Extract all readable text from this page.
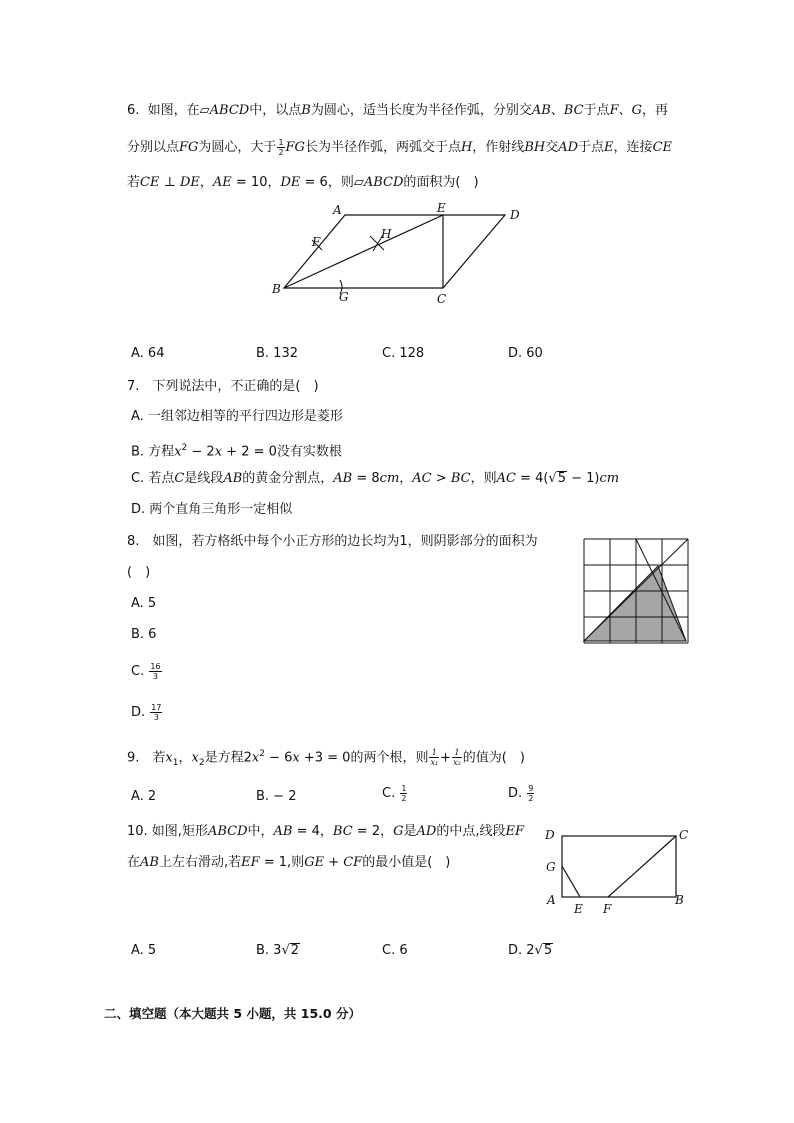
6. 如图，在▱ABCD中，以点B为圆心，适当长度为半径作弧，分别交AB、BC于点F、G，再
分别以点FG为圆心，大于 $\frac{1}{2}$ FG长为半径作弧，两弧交于点H，作射线BH交AD于点E，连接CE
若CE ⊥ DE，AE = 10，DE = 6，则▱ABCD的面积为(　)
A	E	D
F
H
B
G	C
A. 64	B. 132	C. 128	D. 60
7.　下列说法中，不正确的是(　)
A. 一组邻边相等的平行四边形是菱形
B. 方程$x^2 - 2x + 2 = 0$没有实数根
C. 若点C是线段AB的黄金分割点，AB = 8cm，AC > BC，则AC = 4(√5 − 1)cm
D. 两个直角三角形一定相似
8.　如图，若方格纸中每个小正方形的边长均为1，则阴影部分的面积为
(　)
A. 5
B. 6
C. $\frac{16}{3}$
D. $\frac{17}{3}$
9.　若$x_1$，$x_2$是方程$2x^2 - 6x +3 = 0$的两个根，则 $\frac{1}{\text{x₁}} + \frac{1}{\text{x₂}}$ 的值为(　)
A. 2	B. − 2	C. $\frac{1}{2}$	D. $\frac{9}{2}$
10. 如图,矩形ABCD中，AB = 4，BC = 2，G是AD的中点,线段EF
在AB上左右滑动,若EF = 1,则GE + CF的最小值是(　)
D	C
G
A
E F
B
A. 5	B. 3√2	C. 6	D. 2√5
二、填空题（本大题共 5 小题，共 15.0 分）
